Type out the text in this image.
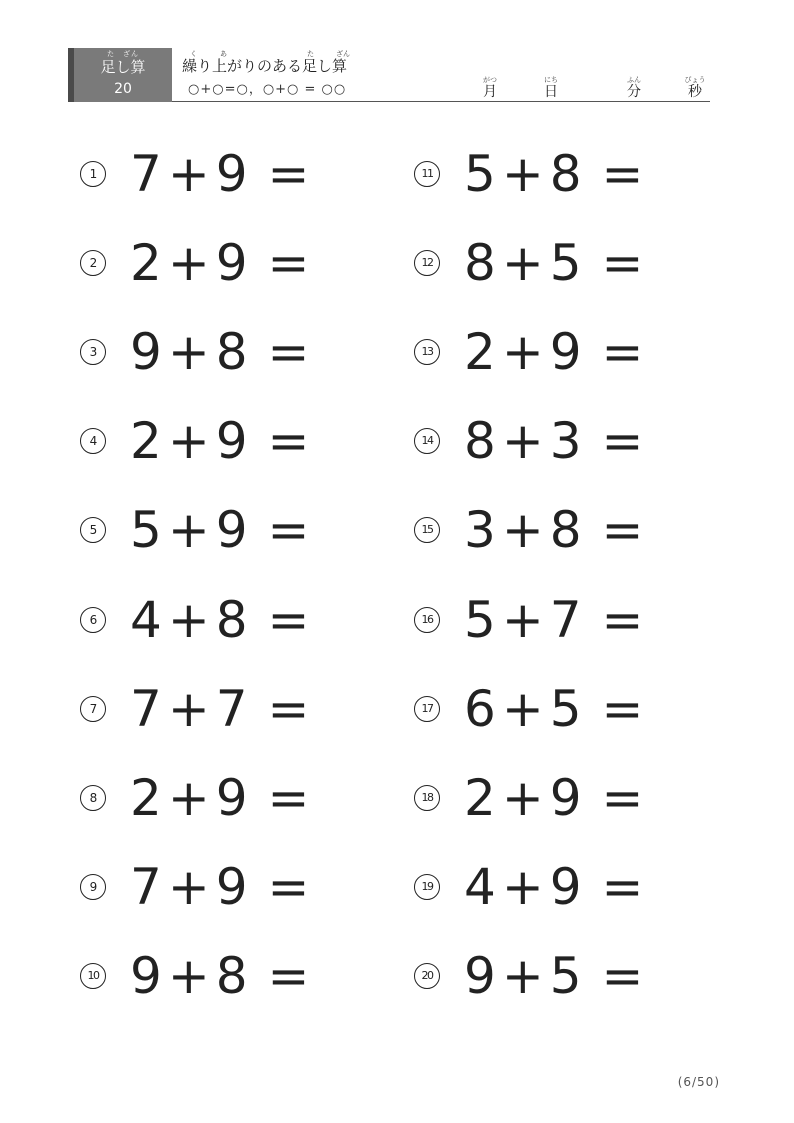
た　ざん
足し算
20
く	あ	た	ざん
繰り上がりのある足し算
○+○=○，○+○ = ○○
がつ
月
にち
日
ふん
分
びょう
秒
1 7 + 9 =
2 2 + 9 =
3 9 + 8 =
4 2 + 9 =
5 5 + 9 =
6 4 + 8 =
7 7 + 7 =
8 2 + 9 =
9 7 + 9 =
10 9 + 8 =
11 5 + 8 =
12 8 + 5 =
13 2 + 9 =
14 8 + 3 =
15 3 + 8 =
16 5 + 7 =
17 6 + 5 =
18 2 + 9 =
19 4 + 9 =
20 9 + 5 =
(6/50)
